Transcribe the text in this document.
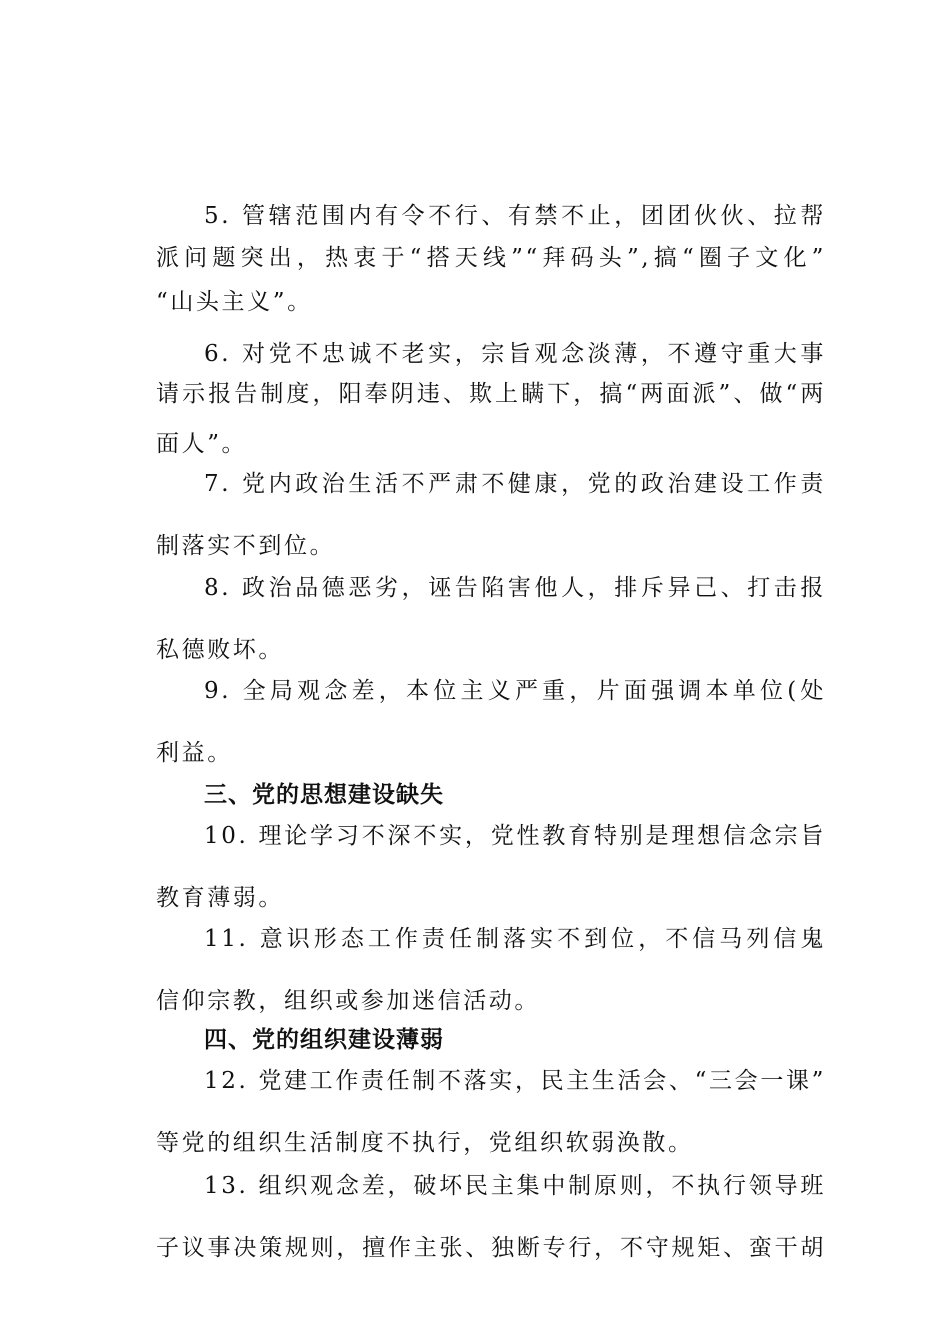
5. 管辖范围内有令不行、有禁不止，团团伙伙、拉帮
派问题突出，热衷于“搭天线”“拜码头”,搞“圈子文化”
“山头主义”。
6. 对党不忠诚不老实，宗旨观念淡薄，不遵守重大事
请示报告制度，阳奉阴违、欺上瞒下，搞“两面派”、做“两
面人”。
7. 党内政治生活不严肃不健康，党的政治建设工作责
制落实不到位。
8. 政治品德恶劣，诬告陷害他人，排斥异己、打击报
私德败坏。
9. 全局观念差，本位主义严重，片面强调本单位(处
利益。
三、党的思想建设缺失
10. 理论学习不深不实，党性教育特别是理想信念宗旨
教育薄弱。
11. 意识形态工作责任制落实不到位，不信马列信鬼
信仰宗教，组织或参加迷信活动。
四、党的组织建设薄弱
12. 党建工作责任制不落实，民主生活会、“三会一课”
等党的组织生活制度不执行，党组织软弱涣散。
13. 组织观念差，破坏民主集中制原则，不执行领导班
子议事决策规则，擅作主张、独断专行，不守规矩、蛮干胡
